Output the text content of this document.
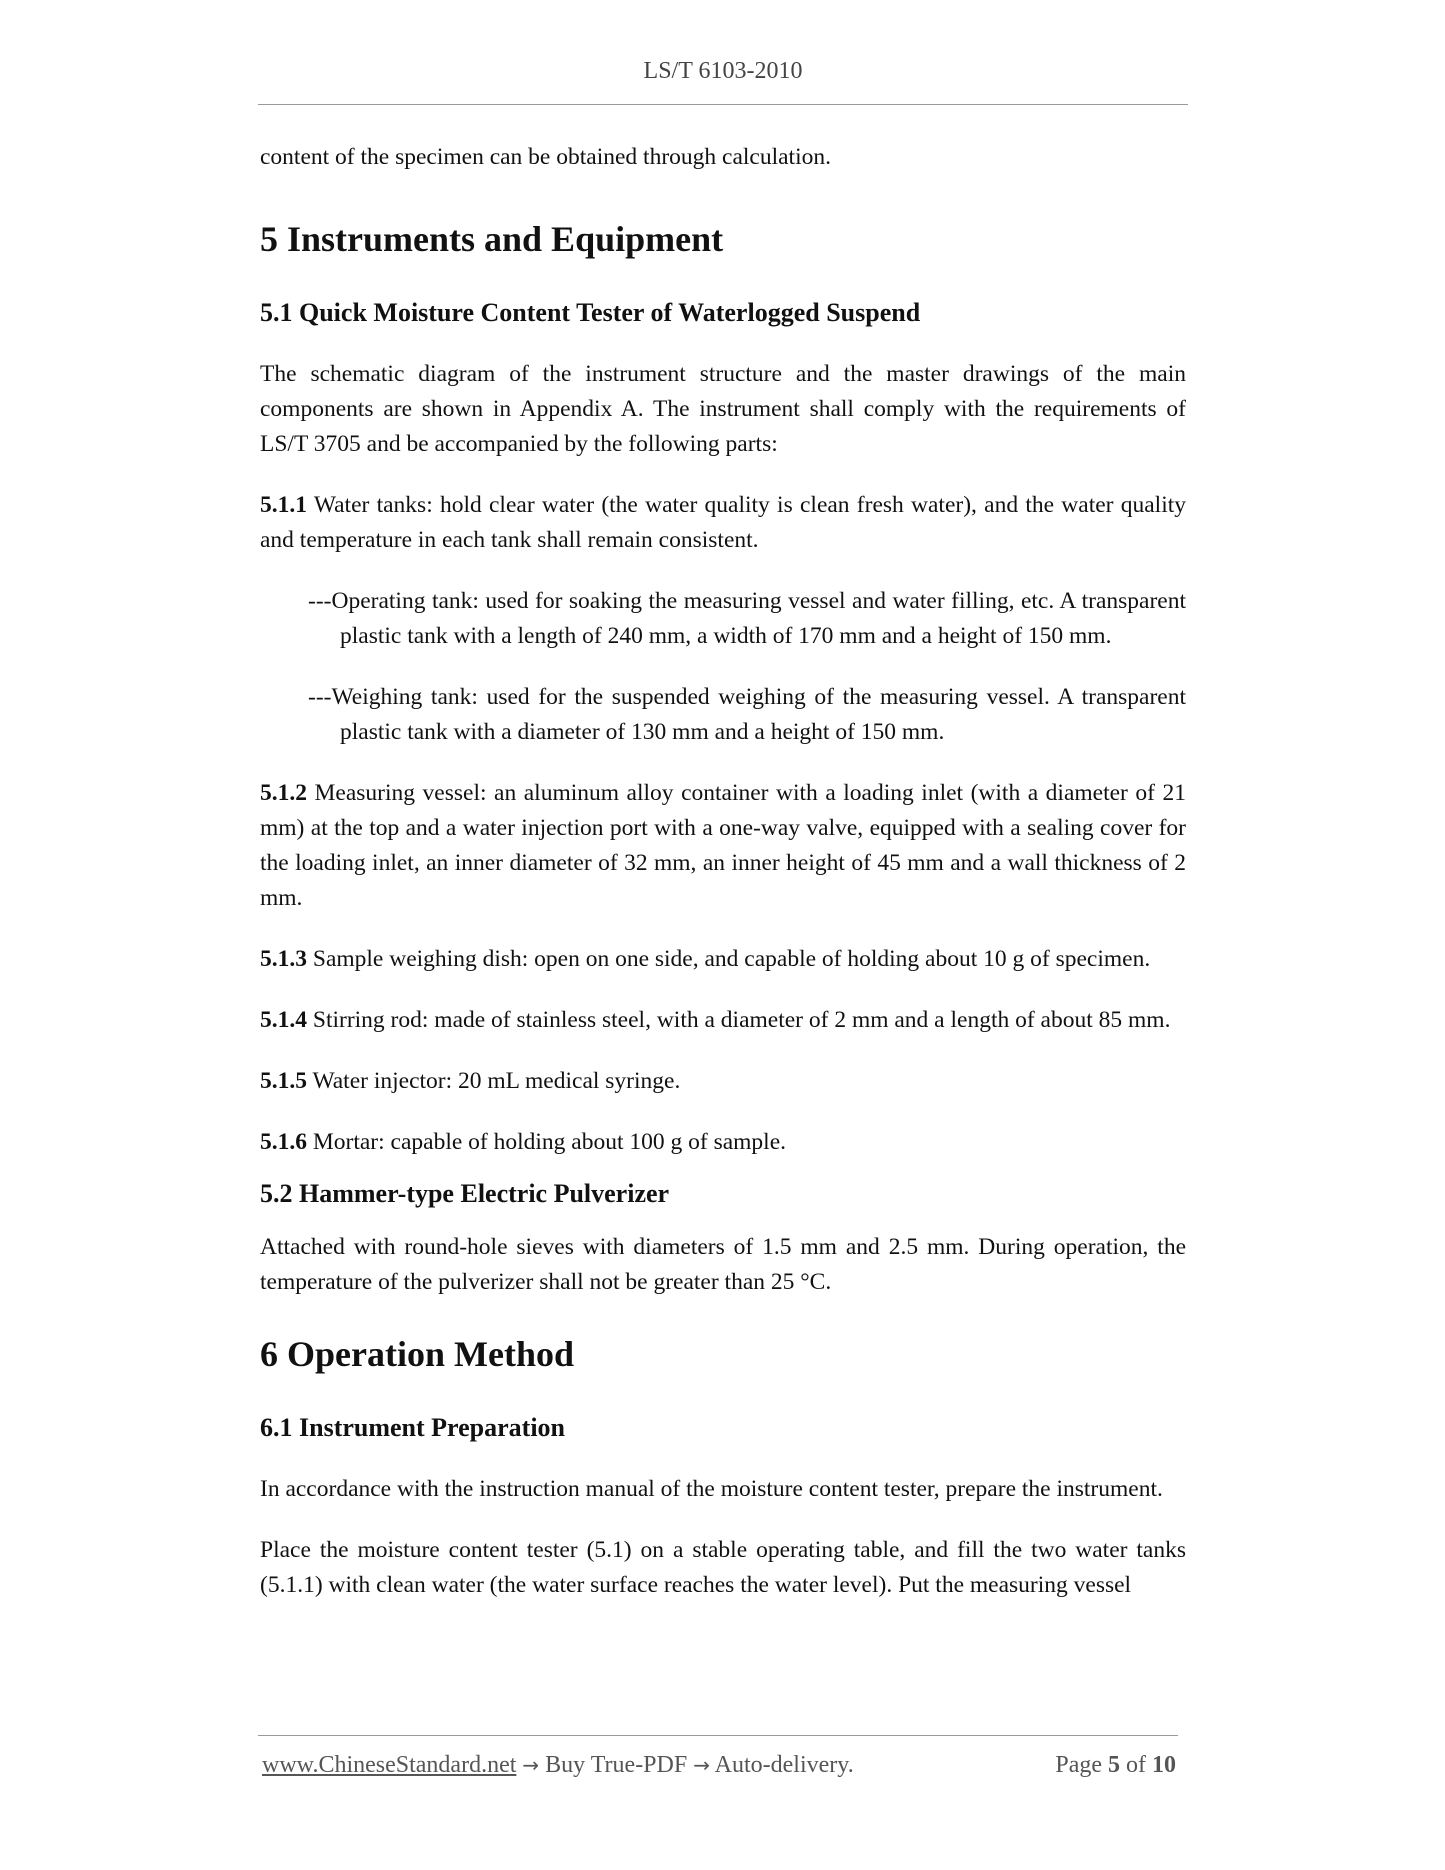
LS/T 6103-2010

content of the specimen can be obtained through calculation.

5 Instruments and Equipment
5.1 Quick Moisture Content Tester of Waterlogged Suspend

The schematic diagram of the instrument structure and the master drawings of the main components are shown in Appendix A. The instrument shall comply with the requirements of LS/T 3705 and be accompanied by the following parts:

5.1.1 Water tanks: hold clear water (the water quality is clean fresh water), and the water quality and temperature in each tank shall remain consistent.

---Operating tank: used for soaking the measuring vessel and water filling, etc. A transparent plastic tank with a length of 240 mm, a width of 170 mm and a height of 150 mm.

---Weighing tank: used for the suspended weighing of the measuring vessel. A transparent plastic tank with a diameter of 130 mm and a height of 150 mm.

5.1.2 Measuring vessel: an aluminum alloy container with a loading inlet (with a diameter of 21 mm) at the top and a water injection port with a one-way valve, equipped with a sealing cover for the loading inlet, an inner diameter of 32 mm, an inner height of 45 mm and a wall thickness of 2 mm.

5.1.3 Sample weighing dish: open on one side, and capable of holding about 10 g of specimen.

5.1.4 Stirring rod: made of stainless steel, with a diameter of 2 mm and a length of about 85 mm.

5.1.5 Water injector: 20 mL medical syringe.

5.1.6 Mortar: capable of holding about 100 g of sample.

5.2 Hammer-type Electric Pulverizer

Attached with round-hole sieves with diameters of 1.5 mm and 2.5 mm. During operation, the temperature of the pulverizer shall not be greater than 25 °C.

6 Operation Method
6.1 Instrument Preparation

In accordance with the instruction manual of the moisture content tester, prepare the instrument.

Place the moisture content tester (5.1) on a stable operating table, and fill the two water tanks (5.1.1) with clean water (the water surface reaches the water level). Put the measuring vessel

www.ChineseStandard.net → Buy True-PDF → Auto-delivery.	Page 5 of 10
